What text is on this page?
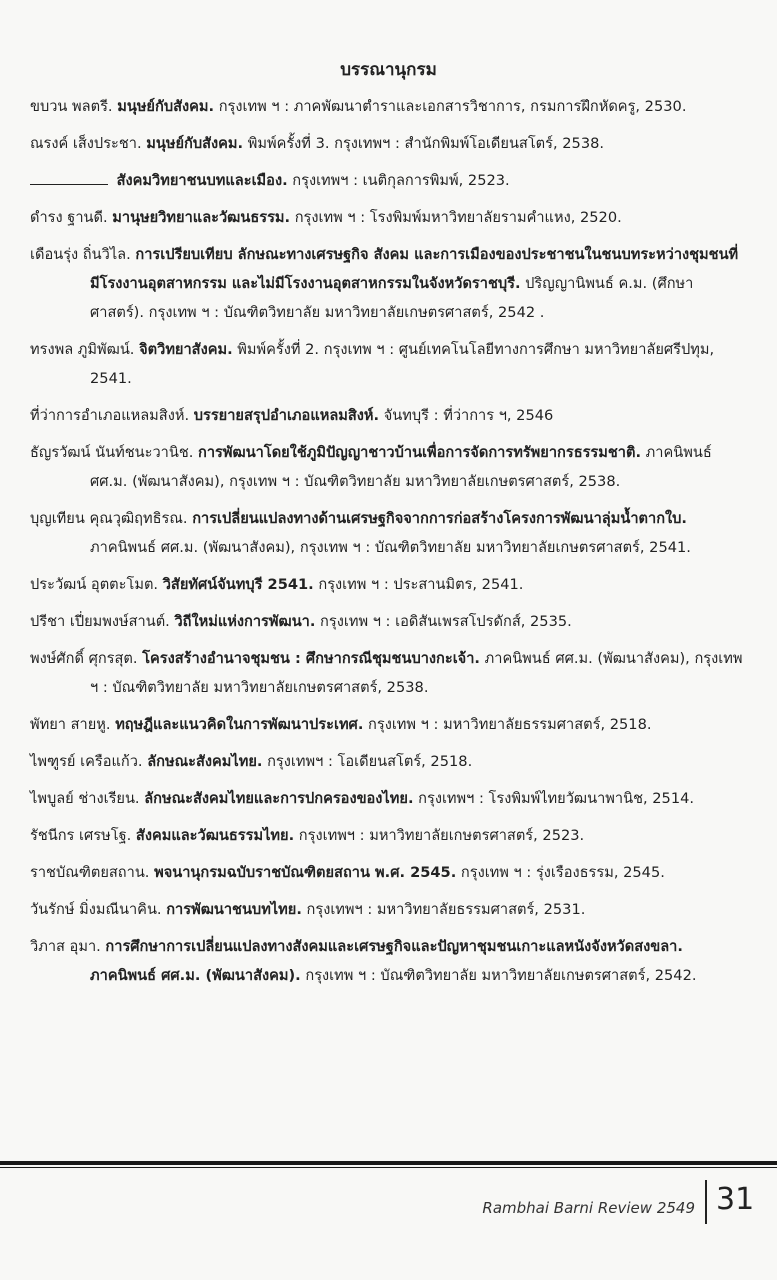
บรรณานุกรม
ขบวน พลตรี. มนุษย์กับสังคม. กรุงเทพ ฯ : ภาคพัฒนาตำราและเอกสารวิชาการ, กรมการฝึกหัดครู, 2530.
ณรงค์ เส็งประชา. มนุษย์กับสังคม. พิมพ์ครั้งที่ 3. กรุงเทพฯ : สำนักพิมพ์โอเดียนสโตร์, 2538.
สังคมวิทยาชนบทและเมือง. กรุงเทพฯ : เนติกุลการพิมพ์, 2523.
ดำรง ฐานดี. มานุษยวิทยาและวัฒนธรรม. กรุงเทพ ฯ : โรงพิมพ์มหาวิทยาลัยรามคำแหง, 2520.
เดือนรุ่ง ถิ่นวิไล. การเปรียบเทียบ ลักษณะทางเศรษฐกิจ สังคม และการเมืองของประชาชนในชนบทระหว่างชุมชนที่มีโรงงานอุตสาหกรรม และไม่มีโรงงานอุตสาหกรรมในจังหวัดราชบุรี. ปริญญานิพนธ์ ค.ม. (ศึกษาศาสตร์). กรุงเทพ ฯ : บัณฑิตวิทยาลัย มหาวิทยาลัยเกษตรศาสตร์, 2542 .
ทรงพล ภูมิพัฒน์. จิตวิทยาสังคม. พิมพ์ครั้งที่ 2. กรุงเทพ ฯ : ศูนย์เทคโนโลยีทางการศึกษา มหาวิทยาลัยศรีปทุม, 2541.
ที่ว่าการอำเภอแหลมสิงห์. บรรยายสรุปอำเภอแหลมสิงห์. จันทบุรี : ที่ว่าการ ฯ, 2546
ธัญรวัฒน์ นันท์ชนะวานิช. การพัฒนาโดยใช้ภูมิปัญญาชาวบ้านเพื่อการจัดการทรัพยากรธรรมชาติ. ภาคนิพนธ์ ศศ.ม. (พัฒนาสังคม), กรุงเทพ ฯ : บัณฑิตวิทยาลัย มหาวิทยาลัยเกษตรศาสตร์, 2538.
บุญเทียน คุณวุฒิฤทธิรณ. การเปลี่ยนแปลงทางด้านเศรษฐกิจจากการก่อสร้างโครงการพัฒนาลุ่มน้ำตากใบ. ภาคนิพนธ์ ศศ.ม. (พัฒนาสังคม), กรุงเทพ ฯ : บัณฑิตวิทยาลัย มหาวิทยาลัยเกษตรศาสตร์, 2541.
ประวัฒน์ อุตตะโมต. วิสัยทัศน์จันทบุรี 2541. กรุงเทพ ฯ : ประสานมิตร, 2541.
ปรีชา เปี่ยมพงษ์สานต์. วิถีใหม่แห่งการพัฒนา. กรุงเทพ ฯ : เอดิสันเพรสโปรดักส์, 2535.
พงษ์ศักดิ์ ศุกรสุต. โครงสร้างอำนาจชุมชน : ศึกษากรณีชุมชนบางกะเจ้า. ภาคนิพนธ์ ศศ.ม. (พัฒนาสังคม), กรุงเทพ ฯ : บัณฑิตวิทยาลัย มหาวิทยาลัยเกษตรศาสตร์, 2538.
พัทยา สายหู. ทฤษฎีและแนวคิดในการพัฒนาประเทศ. กรุงเทพ ฯ : มหาวิทยาลัยธรรมศาสตร์, 2518.
ไพฑูรย์ เครือแก้ว. ลักษณะสังคมไทย. กรุงเทพฯ : โอเดียนสโตร์, 2518.
ไพบูลย์ ช่างเรียน. ลักษณะสังคมไทยและการปกครองของไทย. กรุงเทพฯ : โรงพิมพ์ไทยวัฒนาพานิช, 2514.
รัชนีกร เศรษโฐ. สังคมและวัฒนธรรมไทย. กรุงเทพฯ : มหาวิทยาลัยเกษตรศาสตร์, 2523.
ราชบัณฑิตยสถาน. พจนานุกรมฉบับราชบัณฑิตยสถาน พ.ศ. 2545. กรุงเทพ ฯ : รุ่งเรืองธรรม, 2545.
วันรักษ์ มิ่งมณีนาคิน. การพัฒนาชนบทไทย. กรุงเทพฯ : มหาวิทยาลัยธรรมศาสตร์, 2531.
วิภาส อุมา. การศึกษาการเปลี่ยนแปลงทางสังคมและเศรษฐกิจและปัญหาชุมชนเกาะแลหนังจังหวัดสงขลา. ภาคนิพนธ์ ศศ.ม. (พัฒนาสังคม). กรุงเทพ ฯ : บัณฑิตวิทยาลัย มหาวิทยาลัยเกษตรศาสตร์, 2542.
Rambhai Barni Review 2549 31
